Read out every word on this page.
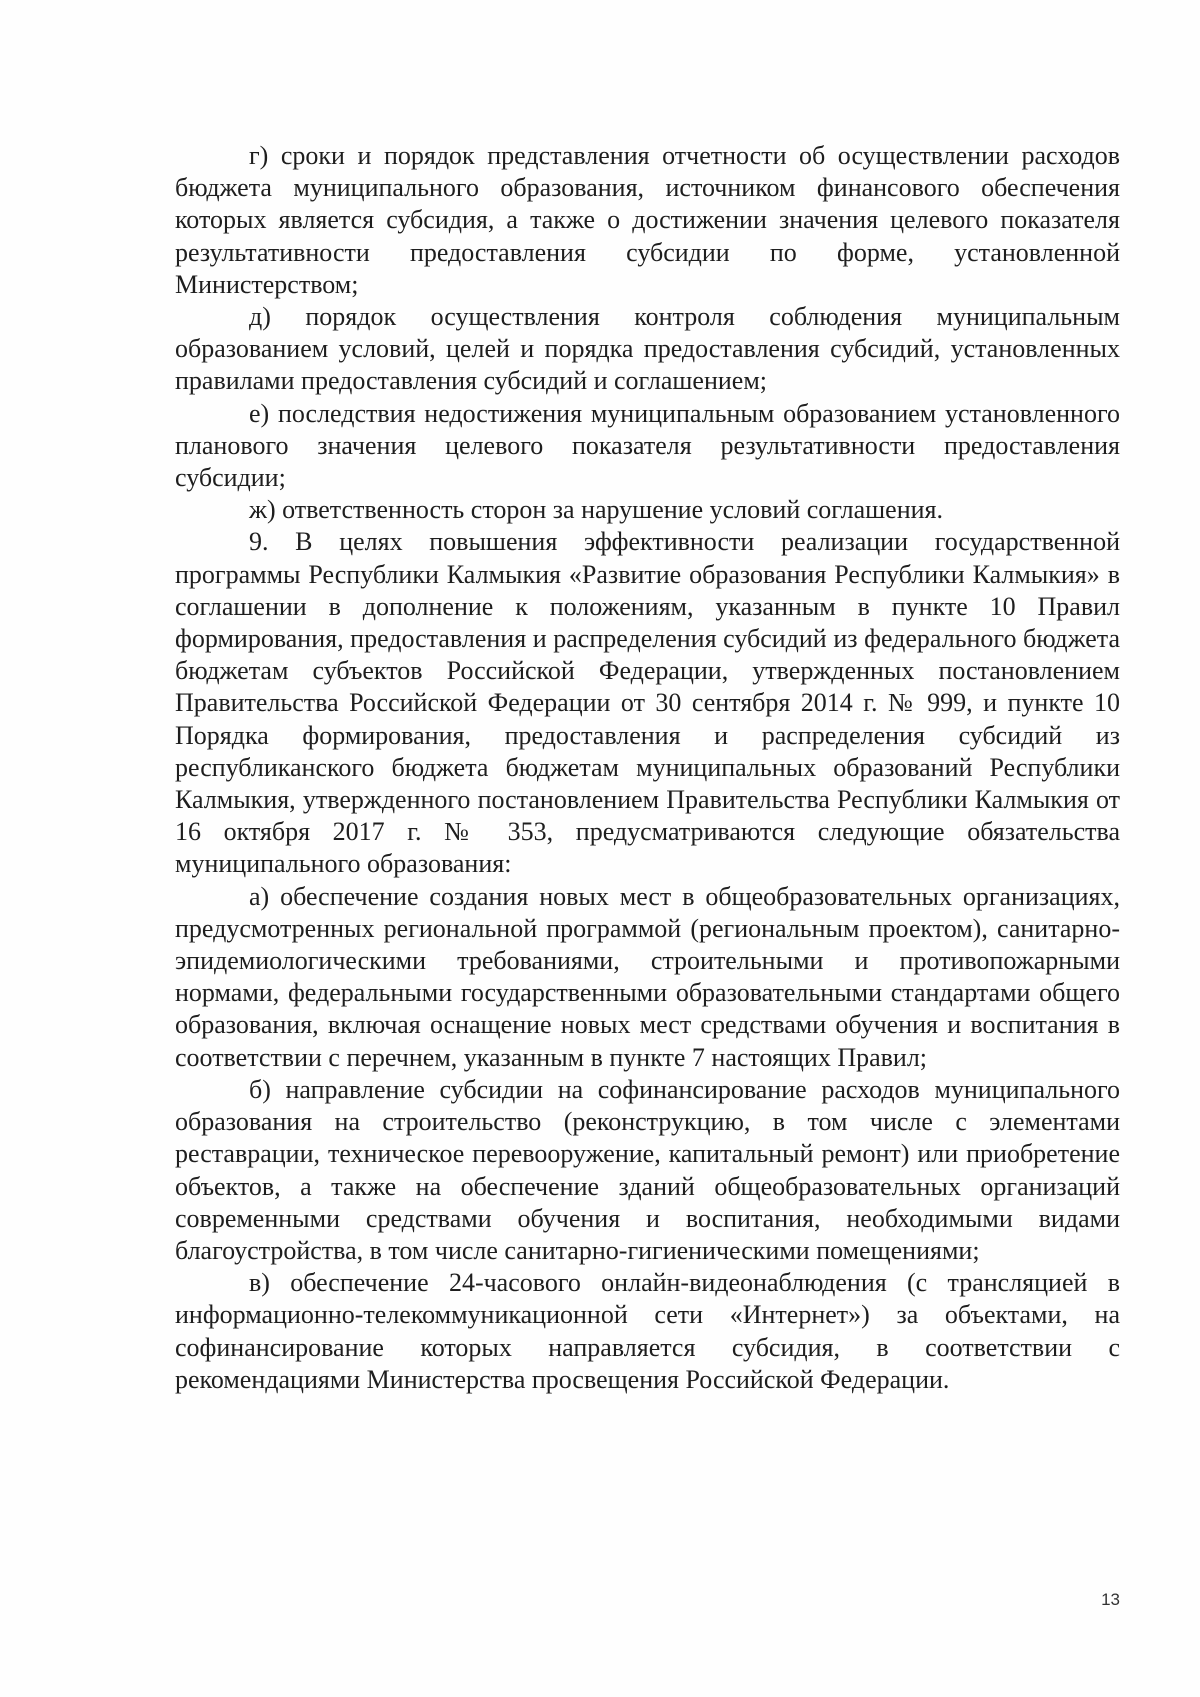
г) сроки и порядок представления отчетности об осуществлении расходов бюджета муниципального образования, источником финансового обеспечения которых является субсидия, а также о достижении значения целевого показателя результативности предоставления субсидии по форме, установленной Министерством;

д) порядок осуществления контроля соблюдения муниципальным образованием условий, целей и порядка предоставления субсидий, установленных правилами предоставления субсидий и соглашением;

е) последствия недостижения муниципальным образованием установленного планового значения целевого показателя результативности предоставления субсидии;

ж) ответственность сторон за нарушение условий соглашения.

9. В целях повышения эффективности реализации государственной программы Республики Калмыкия «Развитие образования Республики Калмыкия» в соглашении в дополнение к положениям, указанным в пункте 10 Правил формирования, предоставления и распределения субсидий из федерального бюджета бюджетам субъектов Российской Федерации, утвержденных постановлением Правительства Российской Федерации от 30 сентября 2014 г. № 999, и пункте 10 Порядка формирования, предоставления и распределения субсидий из республиканского бюджета бюджетам муниципальных образований Республики Калмыкия, утвержденного постановлением Правительства Республики Калмыкия от 16 октября 2017 г. № 353, предусматриваются следующие обязательства муниципального образования:

а) обеспечение создания новых мест в общеобразовательных организациях, предусмотренных региональной программой (региональным проектом), санитарно-эпидемиологическими требованиями, строительными и противопожарными нормами, федеральными государственными образовательными стандартами общего образования, включая оснащение новых мест средствами обучения и воспитания в соответствии с перечнем, указанным в пункте 7 настоящих Правил;

б) направление субсидии на софинансирование расходов муниципального образования на строительство (реконструкцию, в том числе с элементами реставрации, техническое перевооружение, капитальный ремонт) или приобретение объектов, а также на обеспечение зданий общеобразовательных организаций современными средствами обучения и воспитания, необходимыми видами благоустройства, в том числе санитарно-гигиеническими помещениями;

в) обеспечение 24-часового онлайн-видеонаблюдения (с трансляцией в информационно-телекоммуникационной сети «Интернет») за объектами, на софинансирование которых направляется субсидия, в соответствии с рекомендациями Министерства просвещения Российской Федерации.

13
